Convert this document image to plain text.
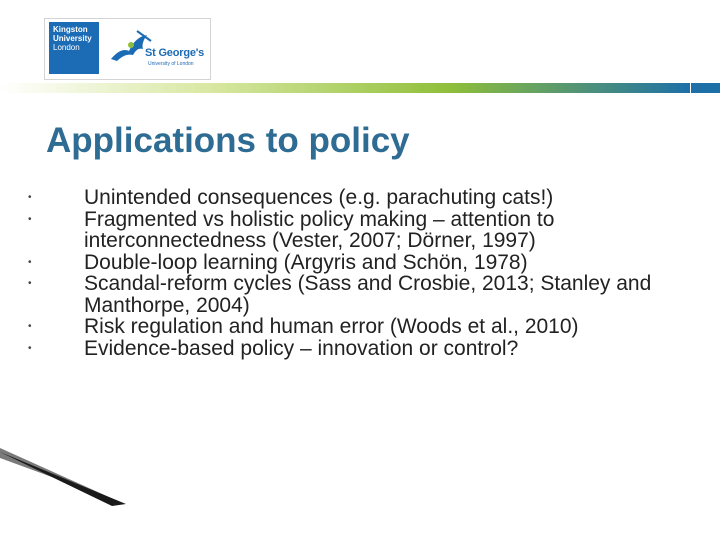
Kingston
University
London	St George's
University of London
Applications to policy
•	Unintended consequences (e.g. parachuting cats!)
•	Fragmented vs holistic policy making – attention to interconnectedness (Vester, 2007; Dörner, 1997)
•	Double-loop learning (Argyris and Schön, 1978)
•	Scandal-reform cycles (Sass and Crosbie, 2013; Stanley and Manthorpe, 2004)
•	Risk regulation and human error (Woods et al., 2010)
•	Evidence-based policy – innovation or control?
